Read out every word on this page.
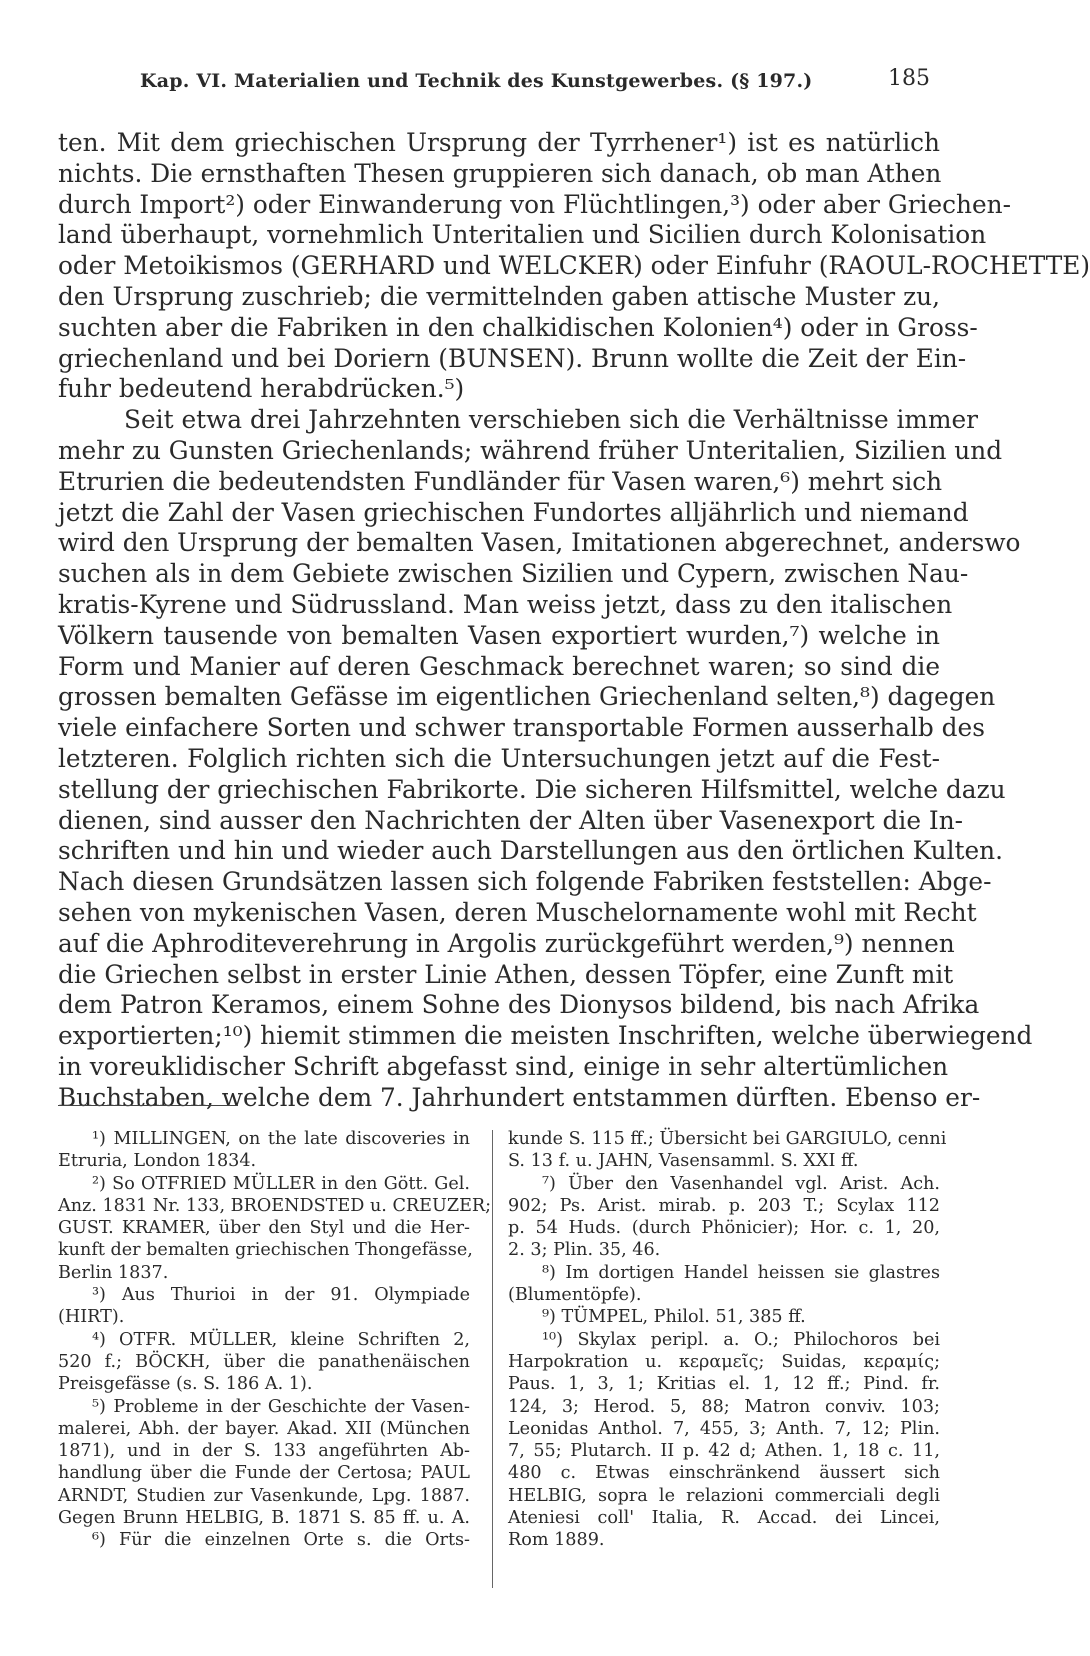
Kap. VI. Materialien und Technik des Kunstgewerbes. (§ 197.)	185
ten. Mit dem griechischen Ursprung der Tyrrhener¹) ist es natürlich
nichts. Die ernsthaften Thesen gruppieren sich danach, ob man Athen
durch Import²) oder Einwanderung von Flüchtlingen,³) oder aber Griechen-
land überhaupt, vornehmlich Unteritalien und Sicilien durch Kolonisation
oder Metoikismos (GERHARD und WELCKER) oder Einfuhr (RAOUL-ROCHETTE)
den Ursprung zuschrieb; die vermittelnden gaben attische Muster zu,
suchten aber die Fabriken in den chalkidischen Kolonien⁴) oder in Gross-
griechenland und bei Doriern (BUNSEN). Brunn wollte die Zeit der Ein-
fuhr bedeutend herabdrücken.⁵)
Seit etwa drei Jahrzehnten verschieben sich die Verhältnisse immer
mehr zu Gunsten Griechenlands; während früher Unteritalien, Sizilien und
Etrurien die bedeutendsten Fundländer für Vasen waren,⁶) mehrt sich
jetzt die Zahl der Vasen griechischen Fundortes alljährlich und niemand
wird den Ursprung der bemalten Vasen, Imitationen abgerechnet, anderswo
suchen als in dem Gebiete zwischen Sizilien und Cypern, zwischen Nau-
kratis-Kyrene und Südrussland. Man weiss jetzt, dass zu den italischen
Völkern tausende von bemalten Vasen exportiert wurden,⁷) welche in
Form und Manier auf deren Geschmack berechnet waren; so sind die
grossen bemalten Gefässe im eigentlichen Griechenland selten,⁸) dagegen
viele einfachere Sorten und schwer transportable Formen ausserhalb des
letzteren. Folglich richten sich die Untersuchungen jetzt auf die Fest-
stellung der griechischen Fabrikorte. Die sicheren Hilfsmittel, welche dazu
dienen, sind ausser den Nachrichten der Alten über Vasenexport die In-
schriften und hin und wieder auch Darstellungen aus den örtlichen Kulten.
Nach diesen Grundsätzen lassen sich folgende Fabriken feststellen: Abge-
sehen von mykenischen Vasen, deren Muschelornamente wohl mit Recht
auf die Aphroditeverehrung in Argolis zurückgeführt werden,⁹) nennen
die Griechen selbst in erster Linie Athen, dessen Töpfer, eine Zunft mit
dem Patron Keramos, einem Sohne des Dionysos bildend, bis nach Afrika
exportierten;¹⁰) hiemit stimmen die meisten Inschriften, welche überwiegend
in voreuklidischer Schrift abgefasst sind, einige in sehr altertümlichen
Buchstaben, welche dem 7. Jahrhundert entstammen dürften. Ebenso er-
¹) MILLINGEN, on the late discoveries in
Etruria, London 1834.
²) So OTFRIED MÜLLER in den Gött. Gel.
Anz. 1831 Nr. 133, BROENDSTED u. CREUZER;
GUST. KRAMER, über den Styl und die Her-
kunft der bemalten griechischen Thongefässe,
Berlin 1837.
³) Aus Thurioi in der 91. Olympiade
(HIRT).
⁴) OTFR. MÜLLER, kleine Schriften 2,
520 f.; BÖCKH, über die panathenäischen
Preisgefässe (s. S. 186 A. 1).
⁵) Probleme in der Geschichte der Vasen-
malerei, Abh. der bayer. Akad. XII (München
1871), und in der S. 133 angeführten Ab-
handlung über die Funde der Certosa; PAUL
ARNDT, Studien zur Vasenkunde, Lpg. 1887.
Gegen Brunn HELBIG, B. 1871 S. 85 ff. u. A.
⁶) Für die einzelnen Orte s. die Orts-
kunde S. 115 ff.; Übersicht bei GARGIULO, cenni
S. 13 f. u. JAHN, Vasensamml. S. XXI ff.
⁷) Über den Vasenhandel vgl. Arist. Ach.
902; Ps. Arist. mirab. p. 203 T.; Scylax 112
p. 54 Huds. (durch Phönicier); Hor. c. 1, 20,
2. 3; Plin. 35, 46.
⁸) Im dortigen Handel heissen sie glastres
(Blumentöpfe).
⁹) TÜMPEL, Philol. 51, 385 ff.
¹⁰) Skylax peripl. a. O.; Philochoros bei
Harpokration u. κεραμεῖς; Suidas, κεραμίς;
Paus. 1, 3, 1; Kritias el. 1, 12 ff.; Pind. fr.
124, 3; Herod. 5, 88; Matron conviv. 103;
Leonidas Anthol. 7, 455, 3; Anth. 7, 12; Plin.
7, 55; Plutarch. II p. 42 d; Athen. 1, 18 c. 11,
480 c. Etwas einschränkend äussert sich
HELBIG, sopra le relazioni commerciali degli
Ateniesi coll' Italia, R. Accad. dei Lincei,
Rom 1889.
